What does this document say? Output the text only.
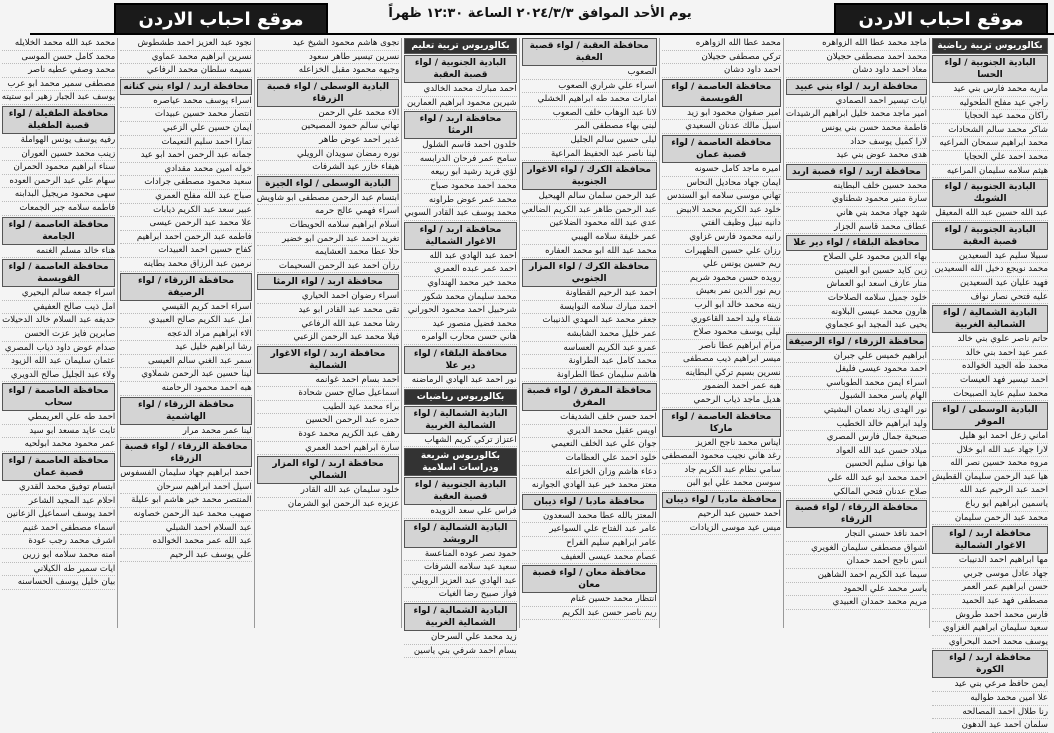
موقع احباب الاردن
يوم الأحد الموافق ٢٠٢٤/٣/٣ الساعة ١٢:٣٠ ظهراً
موقع احباب الاردن
بكالوريوس تربية رياضية
البادية الجنوبية / لواء الحسا
ماريه محمد فارس بني عيد
راجي عيد مفلح الطحوليه
راكان محمد عيد الحجايا
شاكر محمد سالم الشحادات
محمد ابراهيم سمحان المراعيه
محمد احمد علي الحجايا
هيثم سلامه سليمان المراعيه
البادية الجنوبية / لواء الشوبك
عبد الله حسين عبد الله المعيقل
البادية الجنوبية / لواء قصبة العقبة
سبيلا سليم عيد السعيدين
محمد نويجع دخيل الله السعيدين
فهيد عليان عيد السعيدين
عليه فتحي نصار نواف
البادية الشمالية / لواء الشمالية الغربية
حاتم ناصر علوي بني خالد
عمر عيد احمد بني خالد
محمد طه الجيد الخوالده
احمد تيسير فهد العيسات
محمد سليم عايد الصبيحات
البادية الوسطى / لواء الموقر
اماني زعل احمد ابو هليل
لارا جهاد عبد الله ابو خلال
مروه محمد حسين نصر الله
هيا عبد الرحمن سليمان القطيش
احمد عبد الرحيم عبد الله
ياسمين ابراهيم ابو رباع
محمد عبد الرحمن سليمان
محافظة اربد / لواء الاغوار الشمالية
مها ابراهيم احمد الدنيبات
جهاد عادل موسى جربي
حسن ابراهيم عمر العمر
مصطفى فهد عبد الحميد
فارس محمد احمد طروش
سعيد سليمان ابراهيم الغزاوي
يوسف محمد احمد البحراوي
محافظة اربد / لواء الكورة
ايمن حافظ مرعي بني عيد
علا امين محمد طوالبه
رنا طلال احمد المصالحه
سلمان احمد عيد الدهون
ماجد محمد عطا الله الزواهره
محمد احمد مصطفى حجيلان
معاذ احمد داود دشان
محافظة اربد / لواء بني عبيد
ايات تيسير احمد الصمادي
امير ماجد محمد خليل ابراهيم الرشيدات
فاطمة محمد حسن بني يونس
لارا كميل يوسف حداد
هدى محمد عوض بني عيد
محافظة اربد / لواء قصبة اربد
محمد حسين خلف البطاينه
سارة منير محمود شطناوي
شهد جهاد محمد بني هاني
عطاف محمد قاسم الجزار
محافظة البلقاء / لواء دير علا
بهاء الدين محمود علي الصلاح
زين كايد حسين ابو العينين
منار عارف اسعد ابو العماش
خلود جميل سلامه الصلاحات
هارون محمد عيسى البلاونه
يحيى عبد المجيد ابو عجماوي
محافظة الزرقاء / لواء الرصيفة
ابراهيم خميس علي جبران
احمد محمود عيسى فليفل
اسراء ايمن محمد الطوباسي
الهام ياسر محمد الشبول
نور الهدى زياد نعمان البشيتي
وليد ابراهيم خالد الخطيب
صبحية جمال فارس المصري
ميلاد حسن عبد الله العواد
هيا نواف سليم الحسين
احمد محمد ابو عبد الله علي
صلاح عدنان فتحي المالكي
محافظة الزرقاء / لواء قصبة الزرقاء
احمد نافذ حسني النجار
اشواق مصطفى سليمان الغويري
انس ناجح احمد حمدان
سيما عبد الكريم احمد الشاهين
ياسر محمد علي الحمود
مريم محمد حمدان العبيدي
محمد عطا الله الزواهره
تركي مصطفى حجيلان
احمد داود دشان
محافظة العاصمة / لواء القويسمة
امير صفوان محمود ابو زيد
اسيل مالك عدنان السعيدي
محافظة العاصمة / لواء قصبة عمان
اميره ماجد كامل حسونه
ايمان جهاد محاديل النحاس
تهاني موسى سلامه ابو السندس
خلود عبد الكريم محمد الابيض
دانيه نبيل وظيف الفتي
رانيه محمود فارس غزاوي
رزان علي حسين الظهيرات
ريم حسين يونس علي
رويده حسن محمود شريم
ريم نور الدين نمر بعيش
زينه محمد خالد ابو الرب
شفاء وليد احمد القاعوري
ليلى يوسف محمود صلاح
مرام ابراهيم عطا ناصر
ميسر ابراهيم ذيب مصطفى
نسرين بسيم تركي البطاينه
هبه عمر احمد الضمور
هديل ماجد ذياب الرحمي
محافظة العاصمة / لواء ماركا
ايناس محمد ناجح العزيز
رغد هاني نجيب محمود المصطفى
سامي نظام عبد الكريم جاد
سوسن محمد علي ابو البن
محافظة مادبا / لواء ذيبان
احمد حسين عبد الرحيم
ميس عيد موسى الزيادات
محافظة العقبة / لواء قصبة العقبة
الصعوب
اسراء علي شراري الصعوب
امارات محمد طه ابراهيم الخشلي
لانا عبد الوهاب خلف الصعوب
لبنى بهاء مصطفى المر
ليلى حسين سالم الجليل
لينا ناصر عبد الحفيظ المراعية
محافظة الكرك / لواء الاغوار الجنوبية
عبد الرحمن سلمان سالم الهيحيل
عبد الرحمن طاهر عبد الكريم الضالعي
عدي عبد الله محمود الضلاعين
عمر خليفة سلامه الهيبي
محمد عبد الله ابو محمد العفاره
محافظة الكرك / لواء المزار الجنوبي
احمد عبد الرحيم القطاونة
احمد مبارك سلامه النوايسة
جعفر محمد عبد المهدي الذنيبات
عمر خليل محمد الشابشه
عمرو عبد الكريم العساسه
محمد كامل عبد الطراونة
هاشم سليمان عطا الطراونة
محافظة المفرق / لواء قصبة المفرق
احمد حسن خلف الشديفات
اويس عقيل محمد الديري
جوان علي عبد الخلف النعيمي
خلود احمد علي العظامات
دعاء هاشم وزان الخزاعله
معتز محمد خير عبد الهادي الجوارنه
محافظة مادبا / لواء ذيبان
المعتز بالله عطا محمد السعدون
عامر عبد الفتاح علي السواعير
عامر ابراهيم سليم الفراح
عصام محمد عيسى العفيف
محافظة معان / لواء قصبة معان
انتظار محمد حسين غنام
ريم ناصر حسن عبد الكريم
بكالوريوس تربية تعليم
البادية الجنوبية / لواء قصبة العقبة
احمد مبارك محمد الخالدي
شيرين محمود ابراهيم العمارين
محافظة اربد / لواء الرمثا
خلدون احمد قاسم الشلول
سامح عمر فرحان الدرابسه
لؤي فريد رشيد ابو ربيعه
محمد احمد محمود صباح
محمد عمر عوض طراونه
محمد يوسف عبد القادر السوبي
محافظة اربد / لواء الاغوار الشمالية
احمد عبد الهادي عبد الله
احمد عمر عبده العمري
محمد خير محمد الهنداوي
محمد سليمان محمد شكور
شرحبيل احمد محمود الحوراني
محمد فضيل منصور عيد
هاني حسن محارب الوامره
محافظة البلقاء / لواء دير علا
نور احمد عبد الهادي الرماضنه
بكالوريوس رياضيات
البادية الشمالية / لواء الشمالية الغربية
اعتزاز تركي كريم الشهاب
بكالوريوس شريعة ودراسات اسلامية
البادية الجنوبية / لواء قصبة العقبة
فراس علي سعد الزويده
البادية الشمالية / لواء الرويشد
حمود نصر عوده المناعسة
سعيد عيد سلامه الشرفات
عبد الهادي عبد العزيز الرويلي
فواز صبيح رضا الغيات
البادية الشمالية / لواء الشمالية الغربية
زيد محمد علي السرحان
بسام احمد شرفي بني ياسين
نجوى هاشم محمود الشيخ عيد
نسرين تيسير طاهر سعود
وجيهه محمود مقبل الخزاعله
البادية الوسطى / لواء قصبة الزرقاء
الاء محمد علي الرحمن
تهاني سالم حمود المصيحين
غدير احمد عوض طاهر
نوره رمضان سويدان الرويلي
هيفاء خازر عيد الشرفات
البادية الوسطى / لواء الجيزة
ابتسام عبد الرحمن مصطفى ابو شاويش
اسراء فهمي عالج حرمه
اسلام ابراهيم سلامه الحويطات
تغريد احمد عبد الرحمن ابو خضير
حلا عطا محمد العشايمه
رزان احمد عبد الرحمن السحيمات
محافظة اربد / لواء الرمثا
اسراء رضوان احمد الحياري
تقى محمد عبد القادر ابو عيد
رشا محمد عبد الله الرفاعي
فيلا محمد عبد الرحمن الزعبي
محافظة اربد / لواء الاغوار الشمالية
احمد بسام احمد غوانمه
اسماعيل صالح حسن شحادة
براء محمد عيد الطيب
حمزه عبد الرحمن الحسين
رهف عبد الكريم محمد عودة
سارة ابراهيم احمد العمري
محافظة اربد / لواء المزار الشمالي
خلود سليمان عبد الله القادر
عزيزه عبد الرحمن ابو الشرمان
نجود عبد العزيز احمد طشطوش
نسرين ابراهيم محمد عماوي
نسيمه سلطان محمد الرفاعي
محافظة اربد / لواء بني كنانه
اسراء يوسف محمد عياصره
انتصار محمد حسين عبيدات
ايمان حسين علي الزعبي
تمارا احمد سليم النعيمات
جمانه عبد الرحمن احمد ابو عيد
خوله امين محمد مقدادي
سعيد محمود مصطفى جرادات
صباح عبد الله مفلح العمري
عبير سعد عبد الكريم ذيابات
علا محمد عبد الرحمن عيسى
فاطمه عبد الرحمن احمد ابراهيم
كفاح حسين احمد العبيدات
نرمين عبد الرزاق محمد بطاينه
محافظة الزرقاء / لواء الرصيفة
اسراء احمد كريم القيسي
امل عبد الكريم صالح العبيدي
الاء ابراهيم مراد الدعجه
رشا ابراهيم خليل عيد
سمر عبد الغني سالم العيسى
لينا حسين عبد الرحمن شملاوي
هبه احمد محمود الرحامنه
محافظة الزرقاء / لواء الهاشمية
لينا عمر محمد مرار
محافظة الزرقاء / لواء قصبة الزرقاء
احمد ابراهيم جهاد سليمان الفسفوس
اسيل احمد ابراهيم سرحان
المنتصر محمد خير هاشم ابو عليلة
صهيب محمد عبد الرحمن خصاونه
عبد السلام احمد الشبلي
عبد الله عمر محمد الخوالده
علي يوسف عبد الرحيم
محمد عبد الله محمد الخلايله
محمد كامل حسن الموسى
محمد وصفي عطيه ناصر
مصطفى سمير محمد ابو عرب
يوسف عبد الجبار زهير ابو ستيته
محافظة الطفيلة / لواء قصبة الطفيلة
رفيه يوسف يونس الهواملة
زينب محمد حسين العوران
سناء ابراهيم محمود الحمران
سهام علي عبد الرحمن العوده
سهى محمود مريجيل البدابنه
فاطمه سلامه جبر الجمعات
محافظة العاصمة / لواء الجامعة
هناء خالد مسلم الغنمه
محافظة العاصمة / لواء القويسمة
اسراء جمعه سالم البحيري
امل ذيب صالح العفيفي
حديفه عبد السلام خالد الدحيلات
صابرين فايز عزت الحسن
صدام عوض داود ذياب المصري
عثمان سليمان عبد الله الزيود
ولاء عبد الجليل صالح الدويري
محافظة العاصمة / لواء سحاب
احمد طه علي العريمطي
ثابت عايد مسعد ابو سيد
عمر محمود محمد ابولحيه
محافظة العاصمة / لواء قصبة عمان
ابتسام توفيق محمد القدري
احلام عبد المجيد الشاعر
احمد يوسف اسماعيل الزعانين
اسماء مصطفى احمد غنيم
اشرف محمد رجب عودة
امنه محمد سلامه ابو زرين
ايات سمير طه الكيلاني
بيان خليل يوسف الحساسنه
